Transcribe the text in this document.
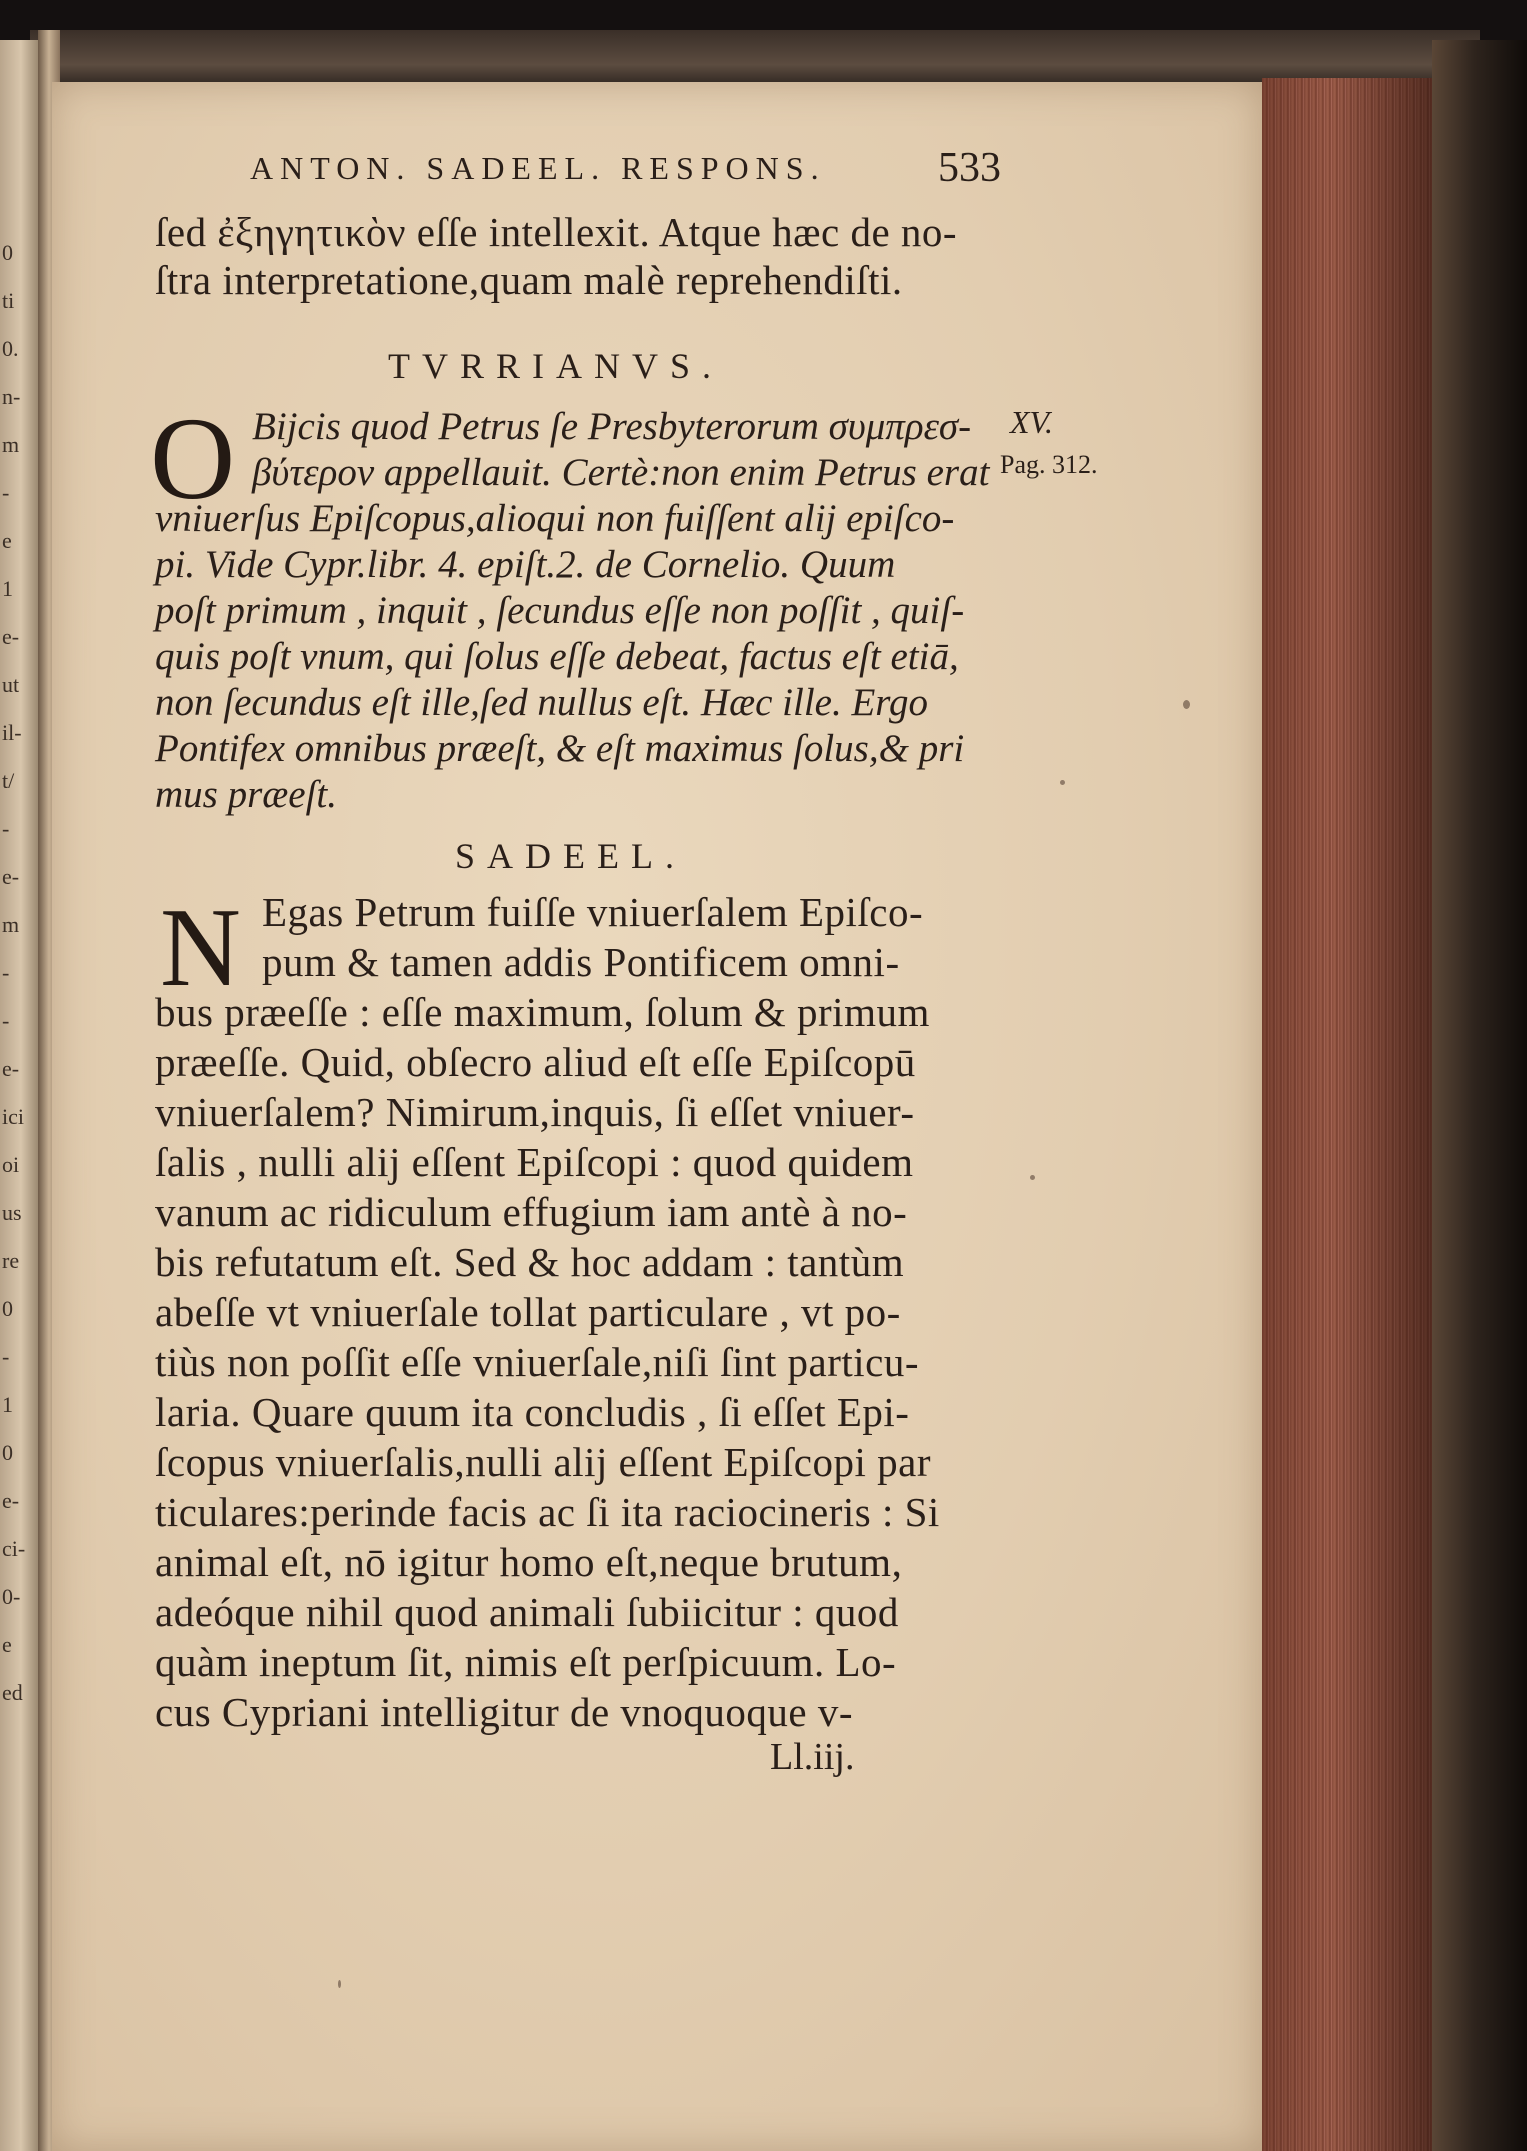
0
ti
0.
n-
m
-
e
1
e-
ut
il-
t/
-
e-
m
-
-
e-
ici
oi
us
re
0
-
1
0
e-
ci-
0-
e
ed
ANTON. SADEEL. RESPONS.	533
ſed ἐξηγητικὸν eſſe intellexit. Atque hæc de no-
ſtra interpretatione,quam malè reprehendiſti.
TVRRIANVS.
O Bijcis quod Petrus ſe Presbyterorum συμπρεσ-
βύτερον appellauit. Certè:non enim Petrus erat
vniuerſus Epiſcopus,alioqui non fuiſſent alij epiſco-
pi. Vide Cypr.libr. 4. epiſt.2. de Cornelio. Quum
poſt primum , inquit , ſecundus eſſe non poſſit , quiſ-
quis poſt vnum, qui ſolus eſſe debeat, factus eſt etiā,
non ſecundus eſt ille,ſed nullus eſt. Hæc ille. Ergo
Pontifex omnibus præeſt, & eſt maximus ſolus,& pri
mus præeſt.
XV.
Pag. 312.
SADEEL.
N Egas Petrum fuiſſe vniuerſalem Epiſco-
pum & tamen addis Pontificem omni-
bus præeſſe : eſſe maximum, ſolum & primum
præeſſe. Quid, obſecro aliud eſt eſſe Epiſcopū
vniuerſalem? Nimirum,inquis, ſi eſſet vniuer-
ſalis , nulli alij eſſent Epiſcopi : quod quidem
vanum ac ridiculum effugium iam antè à no-
bis refutatum eſt. Sed & hoc addam : tantùm
abeſſe vt vniuerſale tollat particulare , vt po-
tiùs non poſſit eſſe vniuerſale,niſi ſint particu-
laria. Quare quum ita concludis , ſi eſſet Epi-
ſcopus vniuerſalis,nulli alij eſſent Epiſcopi par
ticulares:perinde facis ac ſi ita raciocineris : Si
animal eſt, nō igitur homo eſt,neque brutum,
adeóque nihil quod animali ſubiicitur : quod
quàm ineptum ſit, nimis eſt perſpicuum. Lo-
cus Cypriani intelligitur de vnoquoque v-
Ll.iij.
